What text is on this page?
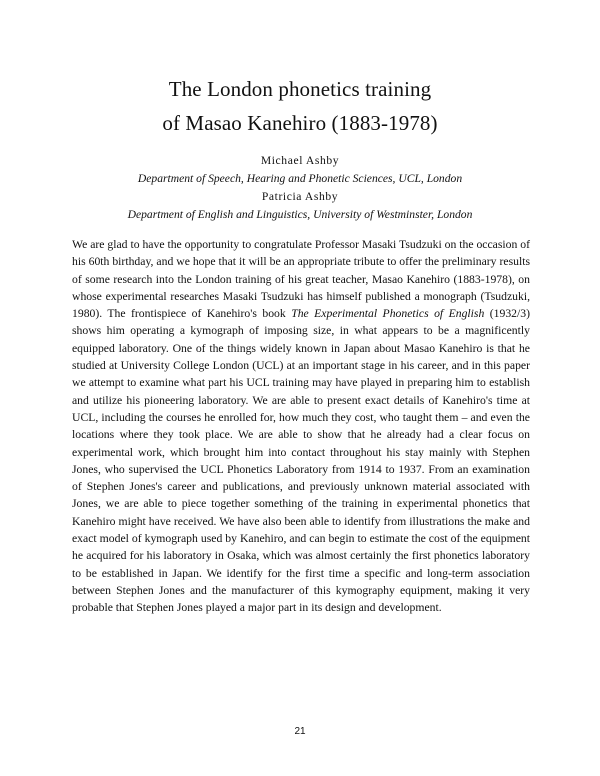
The London phonetics training
of Masao Kanehiro (1883-1978)
Michael Ashby
Department of Speech, Hearing and Phonetic Sciences, UCL, London
Patricia Ashby
Department of English and Linguistics, University of Westminster, London

We are glad to have the opportunity to congratulate Professor Masaki Tsudzuki on the occasion of his 60th birthday, and we hope that it will be an appropriate tribute to offer the preliminary results of some research into the London training of his great teacher, Masao Kanehiro (1883-1978), on whose experimental researches Masaki Tsudzuki has himself published a monograph (Tsudzuki, 1980). The frontispiece of Kanehiro's book The Experimental Phonetics of English (1932/3) shows him operating a kymograph of imposing size, in what appears to be a magnificently equipped laboratory. One of the things widely known in Japan about Masao Kanehiro is that he studied at University College London (UCL) at an important stage in his career, and in this paper we attempt to examine what part his UCL training may have played in preparing him to establish and utilize his pioneering laboratory. We are able to present exact details of Kanehiro's time at UCL, including the courses he enrolled for, how much they cost, who taught them – and even the locations where they took place. We are able to show that he already had a clear focus on experimental work, which brought him into contact throughout his stay mainly with Stephen Jones, who supervised the UCL Phonetics Laboratory from 1914 to 1937. From an examination of Stephen Jones's career and publications, and previously unknown material associated with Jones, we are able to piece together something of the training in experimental phonetics that Kanehiro might have received. We have also been able to identify from illustrations the make and exact model of kymograph used by Kanehiro, and can begin to estimate the cost of the equipment he acquired for his laboratory in Osaka, which was almost certainly the first phonetics laboratory to be established in Japan. We identify for the first time a specific and long-term association between Stephen Jones and the manufacturer of this kymography equipment, making it very probable that Stephen Jones played a major part in its design and development.

21
